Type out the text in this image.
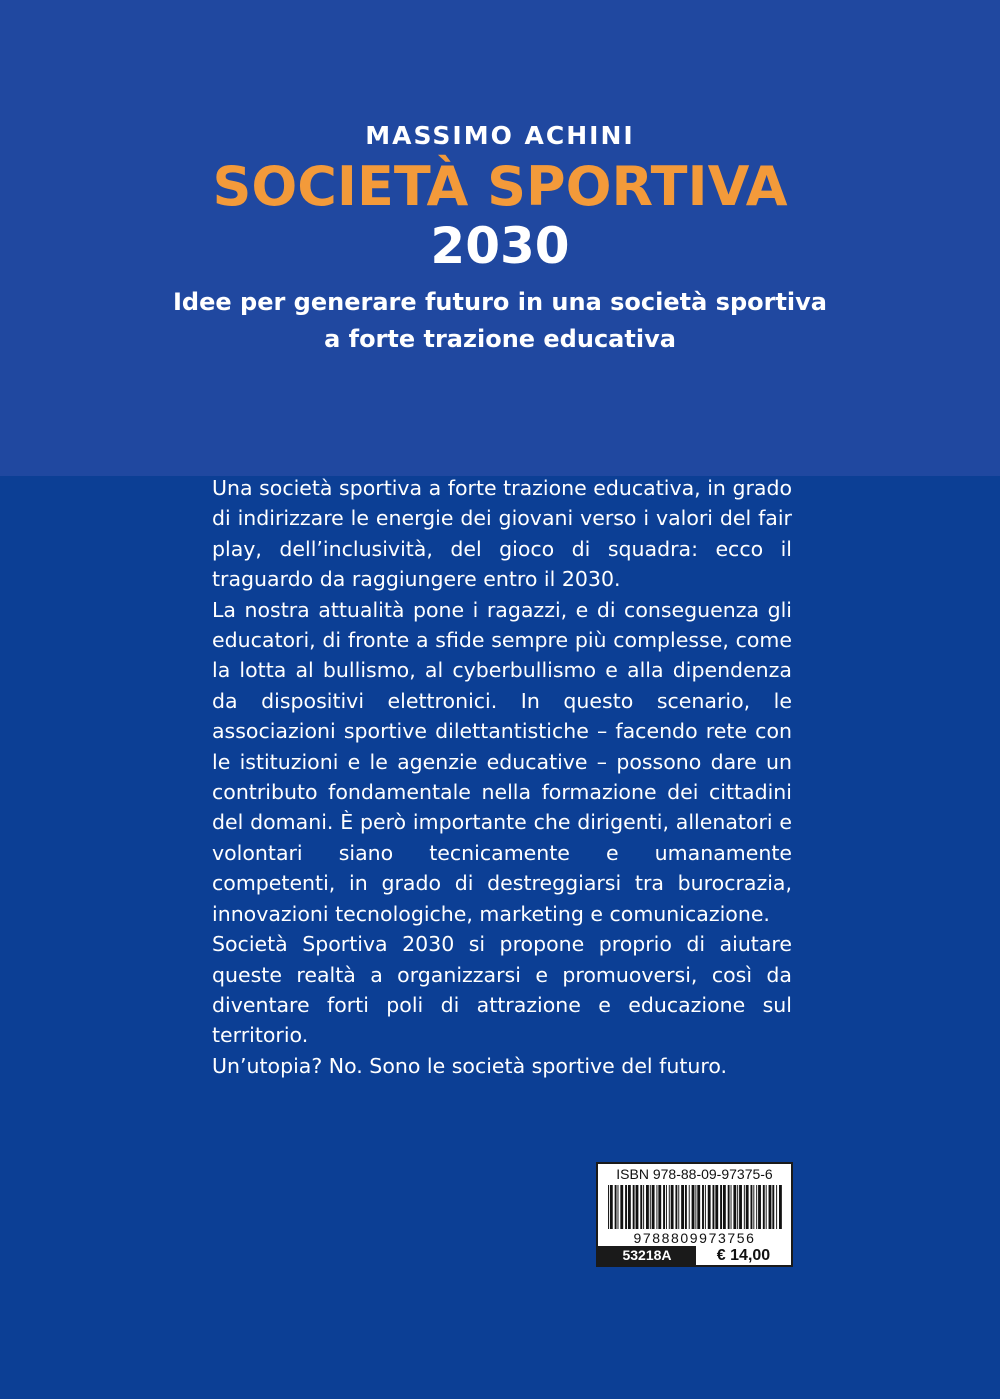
MASSIMO ACHINI
SOCIETÀ SPORTIVA
2030
Idee per generare futuro in una società sportiva
a forte trazione educativa

Una società sportiva a forte trazione educativa, in grado di indirizzare le energie dei giovani verso i valori del fair play, dell’inclusività, del gioco di squadra: ecco il traguardo da raggiungere entro il 2030.

La nostra attualità pone i ragazzi, e di conseguenza gli educatori, di fronte a sfide sempre più complesse, come la lotta al bullismo, al cyberbullismo e alla dipendenza da dispositivi elettronici. In questo scenario, le associazioni sportive dilettantistiche – facendo rete con le istituzioni e le agenzie educative – possono dare un contributo fondamentale nella formazione dei cittadini del domani. È però importante che dirigenti, allenatori e volontari siano tecnicamente e umanamente competenti, in grado di destreggiarsi tra burocrazia, innovazioni tecnologiche, marketing e comunicazione.

Società Sportiva 2030 si propone proprio di aiutare queste realtà a organizzarsi e promuoversi, così da diventare forti poli di attrazione e educazione sul territorio.

Un’utopia? No. Sono le società sportive del futuro.

ISBN 978-88-09-97375-6
9788809973756
53218A	€ 14,00
